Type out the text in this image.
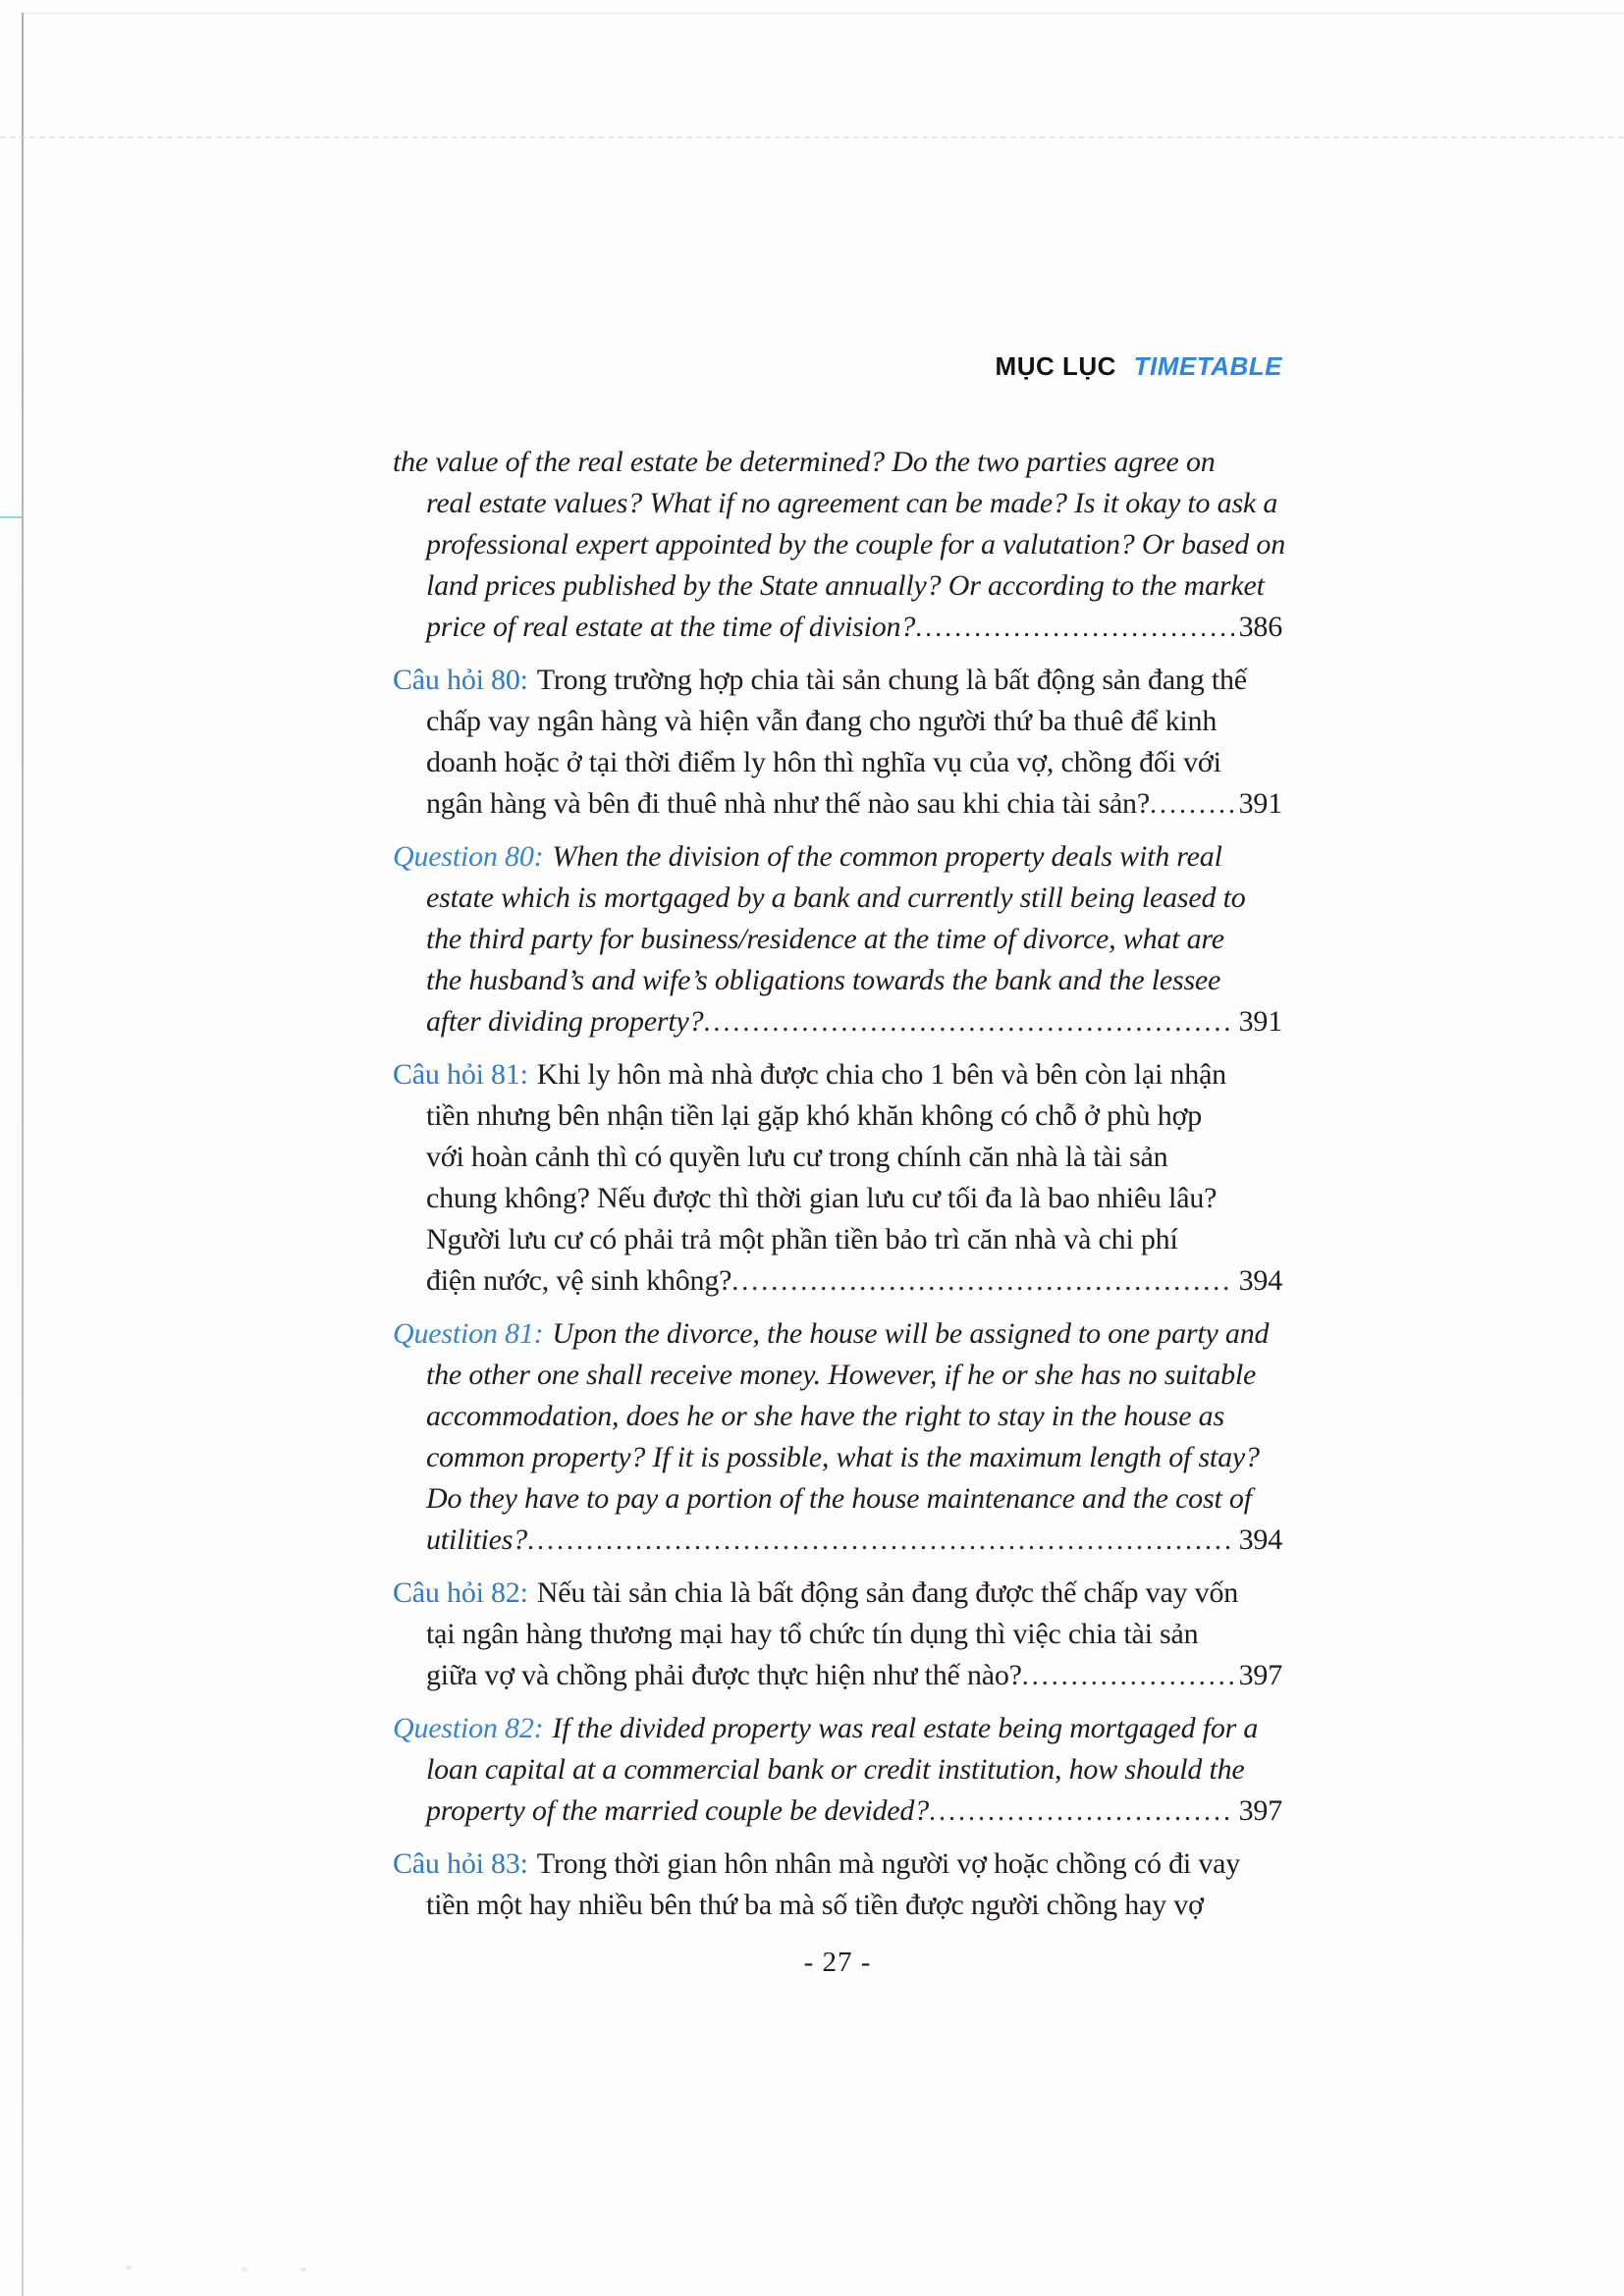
MỤC LỤC TIMETABLE
the value of the real estate be determined? Do the two parties agree on
real estate values? What if no agreement can be made? Is it okay to ask a
professional expert appointed by the couple for a valutation? Or based on
land prices published by the State annually? Or according to the market
price of real estate at the time of division? .....	386
Câu hỏi 80: Trong trường hợp chia tài sản chung là bất động sản đang thế
chấp vay ngân hàng và hiện vẫn đang cho người thứ ba thuê để kinh
doanh hoặc ở tại thời điểm ly hôn thì nghĩa vụ của vợ, chồng đối với
ngân hàng và bên đi thuê nhà như thế nào sau khi chia tài sản? .....	391
Question 80: When the division of the common property deals with real
estate which is mortgaged by a bank and currently still being leased to
the third party for business/residence at the time of divorce, what are
the husband’s and wife’s obligations towards the bank and the lessee
after dividing property? .....	391
Câu hỏi 81: Khi ly hôn mà nhà được chia cho 1 bên và bên còn lại nhận
tiền nhưng bên nhận tiền lại gặp khó khăn không có chỗ ở phù hợp
với hoàn cảnh thì có quyền lưu cư trong chính căn nhà là tài sản
chung không? Nếu được thì thời gian lưu cư tối đa là bao nhiêu lâu?
Người lưu cư có phải trả một phần tiền bảo trì căn nhà và chi phí
điện nước, vệ sinh không? .....	394
Question 81: Upon the divorce, the house will be assigned to one party and
the other one shall receive money. However, if he or she has no suitable
accommodation, does he or she have the right to stay in the house as
common property? If it is possible, what is the maximum length of stay?
Do they have to pay a portion of the house maintenance and the cost of
utilities? .....	394
Câu hỏi 82: Nếu tài sản chia là bất động sản đang được thế chấp vay vốn
tại ngân hàng thương mại hay tổ chức tín dụng thì việc chia tài sản
giữa vợ và chồng phải được thực hiện như thế nào? .....	397
Question 82: If the divided property was real estate being mortgaged for a
loan capital at a commercial bank or credit institution, how should the
property of the married couple be devided? .....	397
Câu hỏi 83: Trong thời gian hôn nhân mà người vợ hoặc chồng có đi vay
tiền một hay nhiều bên thứ ba mà số tiền được người chồng hay vợ
- 27 -
